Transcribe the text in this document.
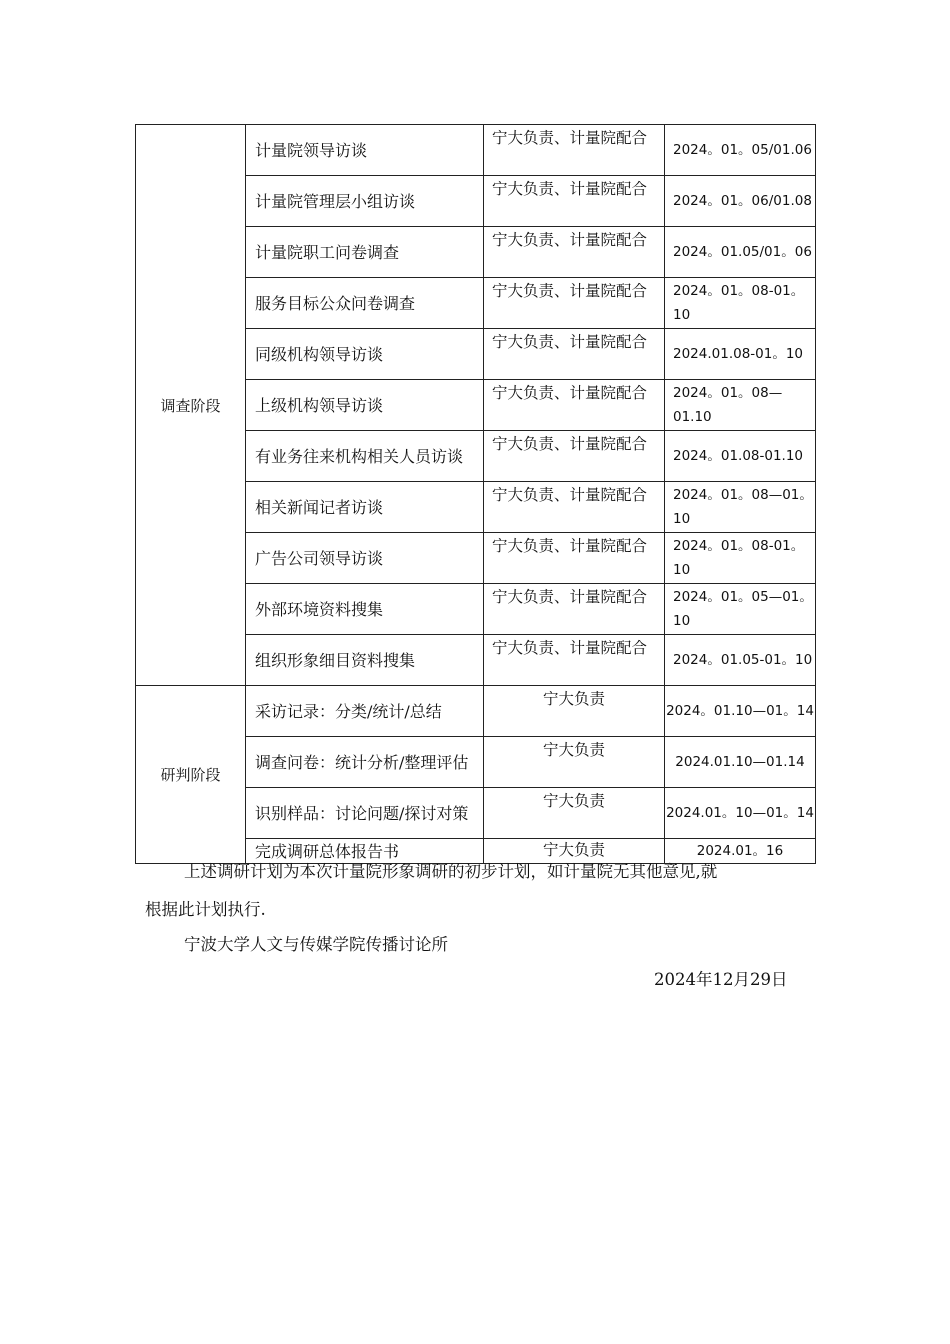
调查阶段	计量院领导访谈	宁大负责、计量院配合	2024。01。05/01.06
	计量院管理层小组访谈	宁大负责、计量院配合	2024。01。06/01.08
	计量院职工问卷调查	宁大负责、计量院配合	2024。01.05/01。06
	服务目标公众问卷调查	宁大负责、计量院配合	2024。01。08-01。10
	同级机构领导访谈	宁大负责、计量院配合	2024.01.08-01。10
	上级机构领导访谈	宁大负责、计量院配合	2024。01。08—01.10
	有业务往来机构相关人员访谈	宁大负责、计量院配合	2024。01.08-01.10
	相关新闻记者访谈	宁大负责、计量院配合	2024。01。08—01。10
	广告公司领导访谈	宁大负责、计量院配合	2024。01。08-01。10
	外部环境资料搜集	宁大负责、计量院配合	2024。01。05—01。10
	组织形象细目资料搜集	宁大负责、计量院配合	2024。01.05-01。10
研判阶段	采访记录：分类/统计/总结	宁大负责	2024。01.10—01。14
	调查问卷：统计分析/整理评估	宁大负责	2024.01.10—01.14
	识别样品：讨论问题/探讨对策	宁大负责	2024.01。10—01。14
	完成调研总体报告书	宁大负责	2024.01。16
上述调研计划为本次计量院形象调研的初步计划，如计量院无其他意见,就
根据此计划执行.
宁波大学人文与传媒学院传播讨论所
2024年12月29日
